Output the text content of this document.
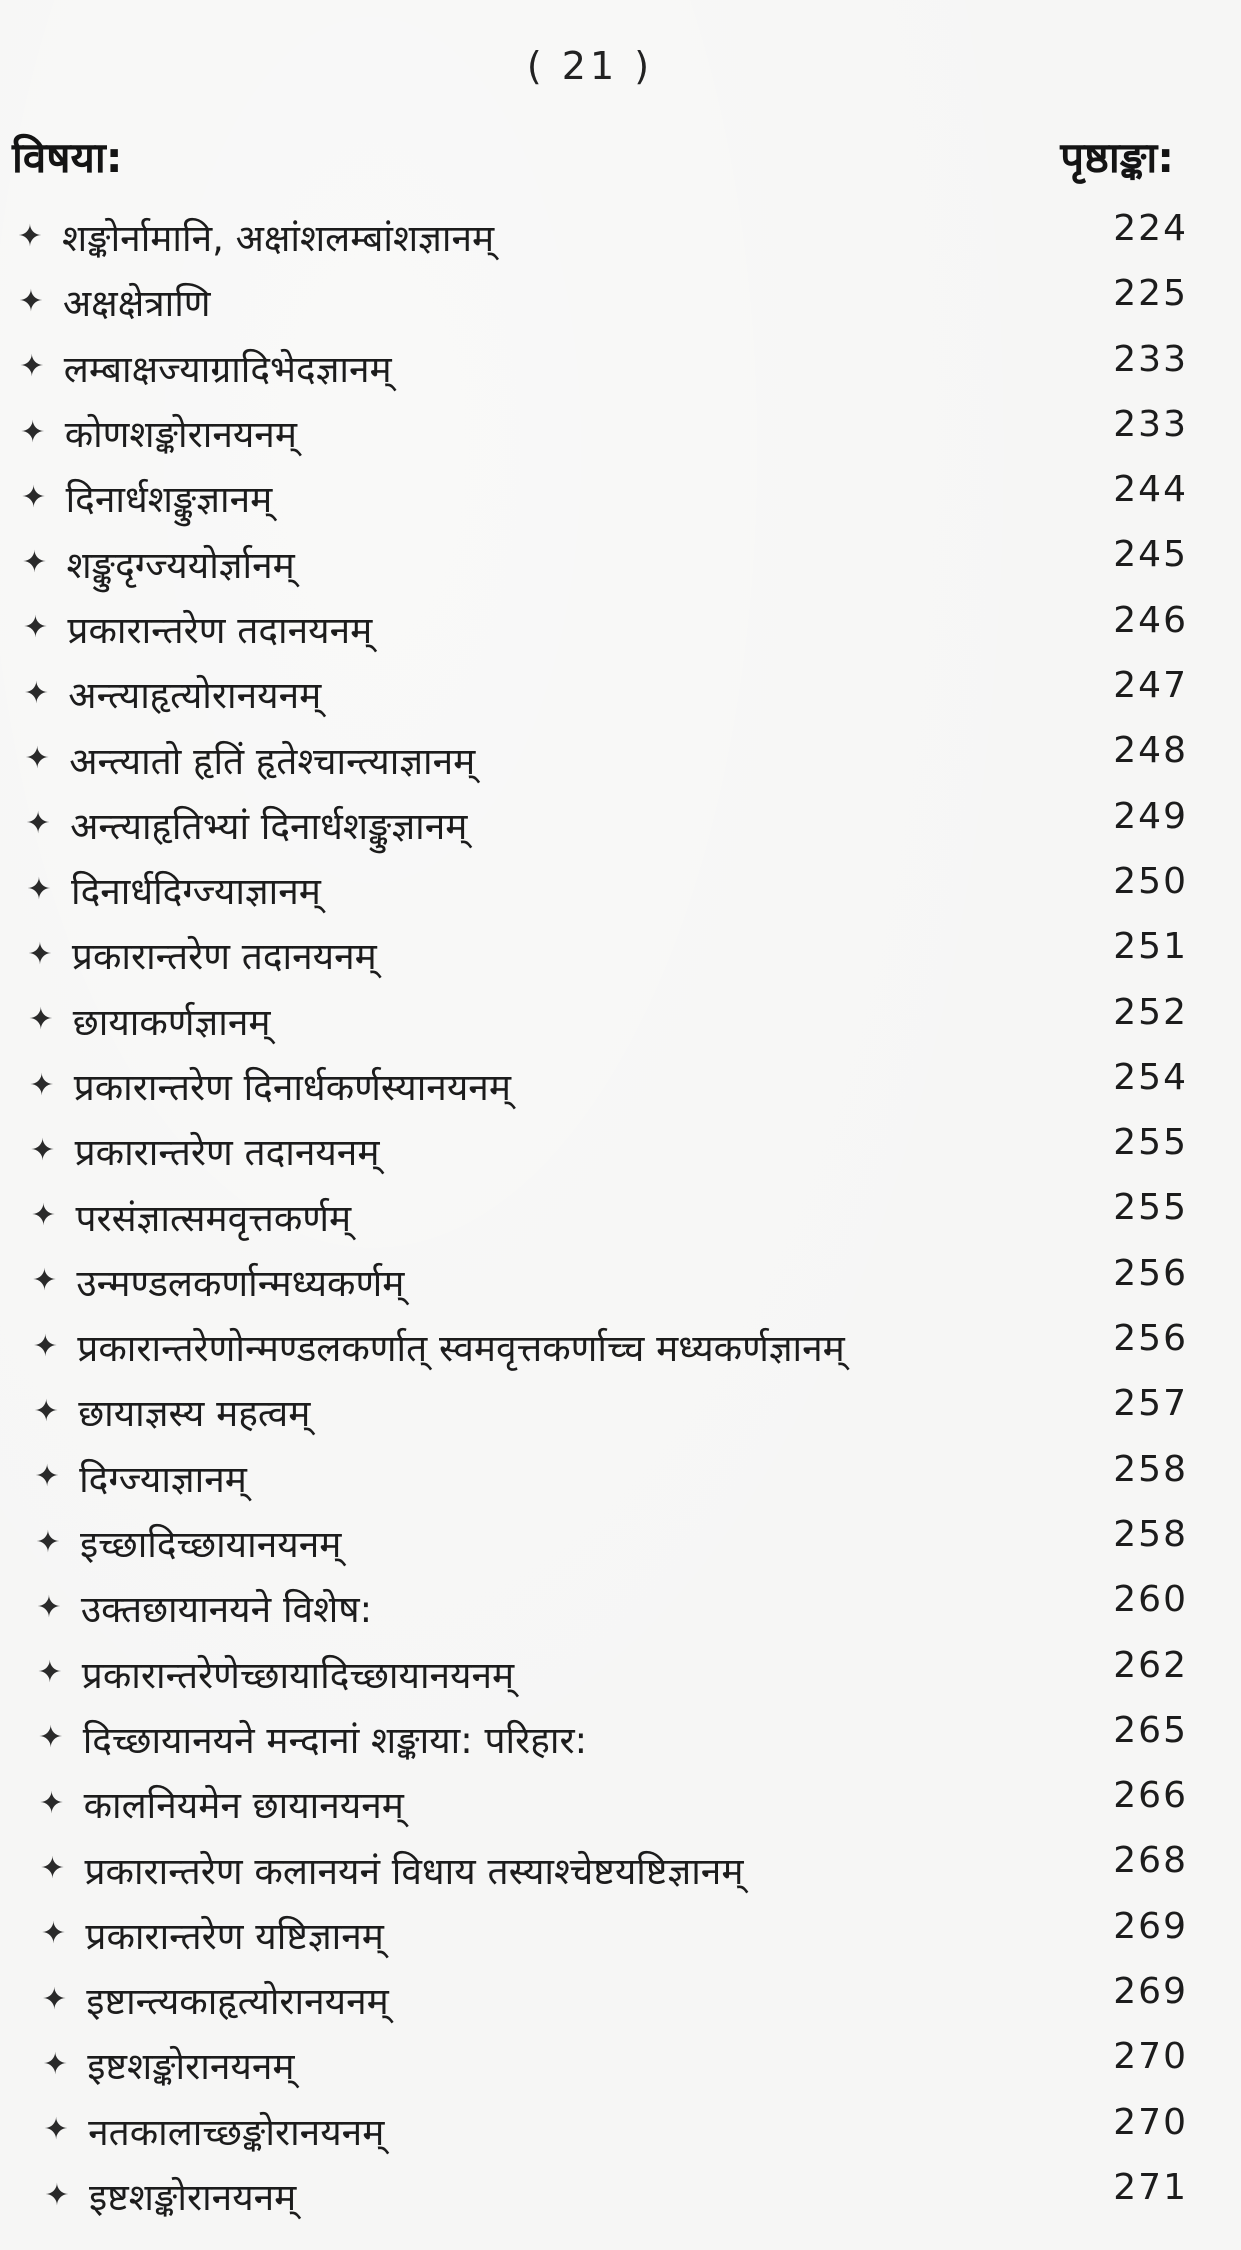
( 21 )
विषया:	पृष्ठाङ्का:
✦ शङ्कोर्नामानि, अक्षांशलम्बांशज्ञानम्	224
✦ अक्षक्षेत्राणि	225
✦ लम्बाक्षज्याग्रादिभेदज्ञानम्	233
✦ कोणशङ्कोरानयनम्	233
✦ दिनार्धशङ्कुज्ञानम्	244
✦ शङ्कुदृग्ज्ययोर्ज्ञानम्	245
✦ प्रकारान्तरेण तदानयनम्	246
✦ अन्त्याहृत्योरानयनम्	247
✦ अन्त्यातो हृतिं हृतेश्चान्त्याज्ञानम्	248
✦ अन्त्याहृतिभ्यां दिनार्धशङ्कुज्ञानम्	249
✦ दिनार्धदिग्ज्याज्ञानम्	250
✦ प्रकारान्तरेण तदानयनम्	251
✦ छायाकर्णज्ञानम्	252
✦ प्रकारान्तरेण दिनार्धकर्णस्यानयनम्	254
✦ प्रकारान्तरेण तदानयनम्	255
✦ परसंज्ञात्समवृत्तकर्णम्	255
✦ उन्मण्डलकर्णान्मध्यकर्णम्	256
✦ प्रकारान्तरेणोन्मण्डलकर्णात् स्वमवृत्तकर्णाच्च मध्यकर्णज्ञानम्	256
✦ छायाज्ञस्य महत्वम्	257
✦ दिग्ज्याज्ञानम्	258
✦ इच्छादिच्छायानयनम्	258
✦ उक्तछायानयने विशेष:	260
✦ प्रकारान्तरेणेच्छायादिच्छायानयनम्	262
✦ दिच्छायानयने मन्दानां शङ्काया: परिहार:	265
✦ कालनियमेन छायानयनम्	266
✦ प्रकारान्तरेण कलानयनं विधाय तस्याश्चेष्टयष्टिज्ञानम्	268
✦ प्रकारान्तरेण यष्टिज्ञानम्	269
✦ इष्टान्त्यकाहृत्योरानयनम्	269
✦ इष्टशङ्कोरानयनम्	270
✦ नतकालाच्छङ्कोरानयनम्	270
✦ इष्टशङ्कोरानयनम्	271
